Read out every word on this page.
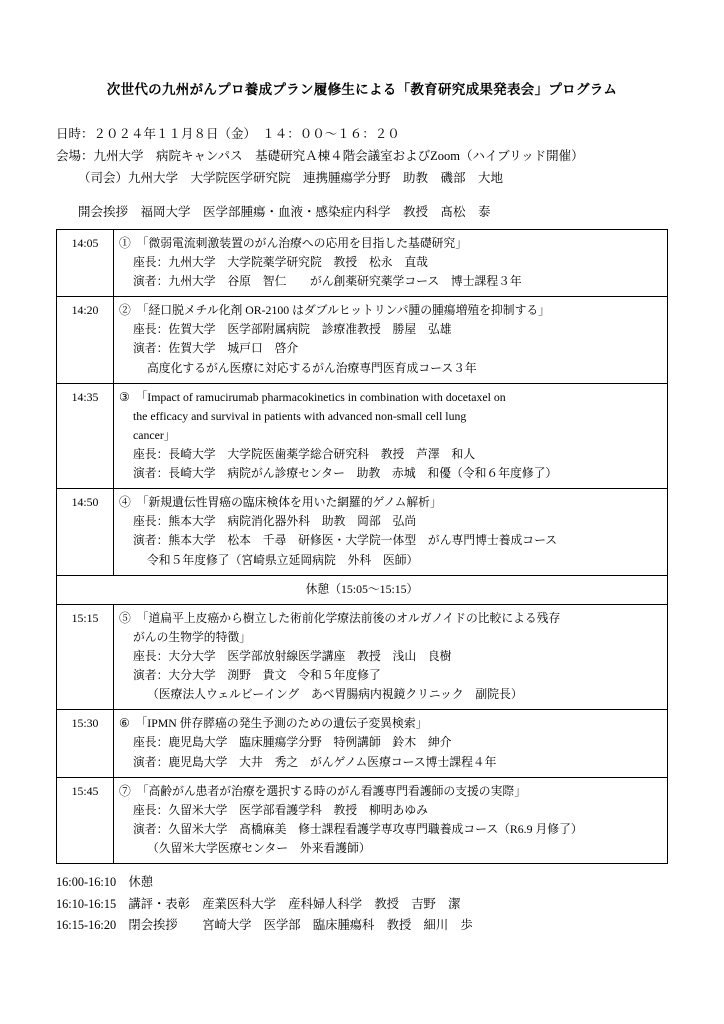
次世代の九州がんプロ養成プラン履修生による「教育研究成果発表会」プログラム
日時：２０２４年１１月８日（金）　１４：００～１６：２０
会場：九州大学　病院キャンパス　基礎研究Ａ棟４階会議室およびZoom（ハイブリッド開催）
（司会）九州大学　大学院医学研究院　連携腫瘍学分野　助教　磯部　大地
開会挨拶　福岡大学　医学部腫瘍・血液・感染症内科学　教授　髙松　泰
14:05	①　「微弱電流刺激装置のがん治療への応用を目指した基礎研究」
座長：九州大学　大学院薬学研究院　教授　松永　直哉
演者：九州大学　谷原　智仁　　がん創薬研究薬学コース　博士課程３年

14:20	②　「経口脱メチル化剤 OR-2100 はダブルヒットリンパ腫の腫瘍増殖を抑制する」
座長：佐賀大学　医学部附属病院　診療准教授　勝屋　弘雄
演者：佐賀大学　城戸口　啓介
高度化するがん医療に対応するがん治療専門医育成コース３年

14:35	③　「Impact of ramucirumab pharmacokinetics in combination with docetaxel on
the efficacy and survival in patients with advanced non-small cell lung
cancer」
座長：長崎大学　大学院医歯薬学総合研究科　教授　芦澤　和人
演者：長崎大学　病院がん診療センター　助教　赤城　和優（令和６年度修了）

14:50	④　「新規遺伝性胃癌の臨床検体を用いた網羅的ゲノム解析」
座長：熊本大学　病院消化器外科　助教　岡部　弘尚
演者：熊本大学　松本　千尋　研修医・大学院一体型　がん専門博士養成コース
令和５年度修了（宮崎県立延岡病院　外科　医師）

休憩（15:05～15:15）	
15:15	⑤　「道扁平上皮癌から樹立した術前化学療法前後のオルガノイドの比較による残存
がんの生物学的特徴」
座長：大分大学　医学部放射線医学講座　教授　浅山　良樹
演者：大分大学　渕野　貴文　令和５年度修了
（医療法人ウェルビーイング　あべ胃腸病内視鏡クリニック　副院長）

15:30	⑥　「IPMN 併存膵癌の発生予測のための遺伝子変異検索」
座長：鹿児島大学　臨床腫瘍学分野　特例講師　鈴木　紳介
演者：鹿児島大学　大井　秀之　がんゲノム医療コース博士課程４年

15:45	⑦　「高齢がん患者が治療を選択する時のがん看護専門看護師の支援の実際」
座長：久留米大学　医学部看護学科　教授　柳明あゆみ
演者：久留米大学　髙橋麻美　修士課程看護学専攻専門職養成コース（R6.9 月修了）
（久留米大学医療センター　外来看護師）
16:00-16:10　休憩
16:10-16:15　講評・表彰　産業医科大学　産科婦人科学　教授　吉野　潔
16:15-16:20　閉会挨拶　　宮崎大学　医学部　臨床腫瘍科　教授　細川　歩
